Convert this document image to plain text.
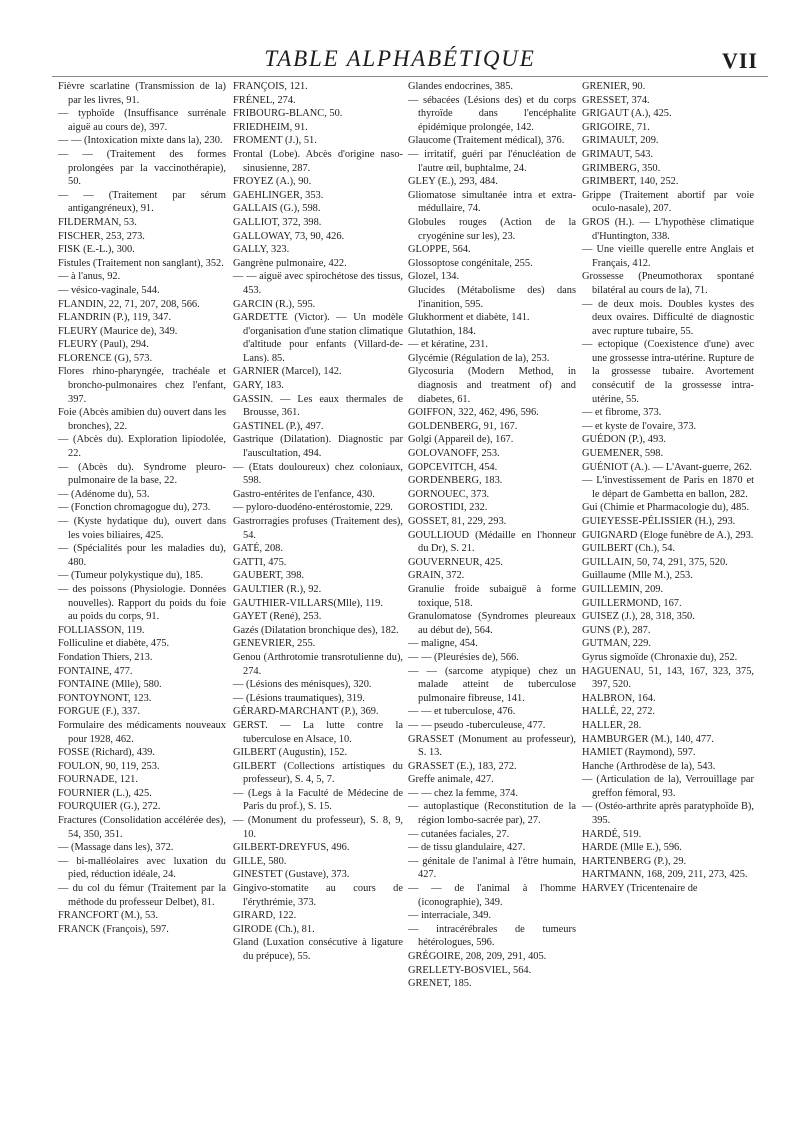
TABLE ALPHABÉTIQUE	VII

Fièvre scarlatine (Transmission de la) par les livres, 91.

— typhoïde (Insuffisance surrénale aiguë au cours de), 397.

— — (Intoxication mixte dans la), 230.

— — (Traitement des formes prolongées par la vaccinothérapie), 50.

— — (Traitement par sérum antigangréneux), 91.

FILDERMAN, 53.

FISCHER, 253, 273.

FISK (E.-L.), 300.

Fistules (Traitement non sanglant), 352.

— à l'anus, 92.

— vésico-vaginale, 544.

FLANDIN, 22, 71, 207, 208, 566.

FLANDRIN (P.), 119, 347.

FLEURY (Maurice de), 349.

FLEURY (Paul), 294.

FLORENCE (G), 573.

Flores rhino-pharyngée, trachéale et broncho-pulmonaires chez l'enfant, 397.

Foie (Abcès amibien du) ouvert dans les bronches), 22.

— (Abcès du). Exploration lipiodolée, 22.

— (Abcès du). Syndrome pleuro-pulmonaire de la base, 22.

— (Adénome du), 53.

— (Fonction chromagogue du), 273.

— (Kyste hydatique du), ouvert dans les voies biliaires, 425.

— (Spécialités pour les maladies du), 480.

— (Tumeur polykystique du), 185.

— des poissons (Physiologie. Données nouvelles). Rapport du poids du foie au poids du corps, 91.

FOLLIASSON, 119.

Folliculine et diabète, 475.

Fondation Thiers, 213.

FONTAINE, 477.

FONTAINE (Mlle), 580.

FONTOYNONT, 123.

FORGUE (F.), 337.

Formulaire des médicaments nouveaux pour 1928, 462.

FOSSE (Richard), 439.

FOULON, 90, 119, 253.

FOURNADE, 121.

FOURNIER (L.), 425.

FOURQUIER (G.), 272.

Fractures (Consolidation accélérée des), 54, 350, 351.

— (Massage dans les), 372.

— bi-malléolaires avec luxation du pied, réduction idéale, 24.

— du col du fémur (Traitement par la méthode du professeur Delbet), 81.

FRANCFORT (M.), 53.

FRANCK (François), 597.

FRANÇOIS, 121.

FRÉNEL, 274.

FRIBOURG-BLANC, 50.

FRIEDHEIM, 91.

FROMENT (J.), 51.

Frontal (Lobe). Abcès d'origine naso-sinusienne, 287.

FROYEZ (A.), 90.

GAEHLINGER, 353.

GALLAIS (G.), 598.

GALLIOT, 372, 398.

GALLOWAY, 73, 90, 426.

GALLY, 323.

Gangrène pulmonaire, 422.

— — aiguë avec spirochétose des tissus, 453.

GARCIN (R.), 595.

GARDETTE (Victor). — Un modèle d'organisation d'une station climatique d'altitude pour enfants (Villard-de-Lans). 85.

GARNIER (Marcel), 142.

GARY, 183.

GASSIN. — Les eaux thermales de Brousse, 361.

GASTINEL (P.), 497.

Gastrique (Dilatation). Diagnostic par l'auscultation, 494.

— (Etats douloureux) chez coloniaux, 598.

Gastro-entérites de l'enfance, 430.

— pyloro-duodéno-entérostomie, 229.

Gastrorragies profuses (Traitement des), 54.

GATÉ, 208.

GATTI, 475.

GAUBERT, 398.

GAULTIER (R.), 92.

GAUTHIER-VILLARS(Mlle), 119.

GAYET (René), 253.

Gazés (Dilatation bronchique des), 182.

GENEVRIER, 255.

Genou (Arthrotomie transrotulienne du), 274.

— (Lésions des ménisques), 320.

— (Lésions traumatiques), 319.

GÉRARD-MARCHANT (P.), 369.

GERST. — La lutte contre la tuberculose en Alsace, 10.

GILBERT (Augustin), 152.

GILBERT (Collections artistiques du professeur), S. 4, 5, 7.

— (Legs à la Faculté de Médecine de Paris du prof.), S. 15.

— (Monument du professeur), S. 8, 9, 10.

GILBERT-DREYFUS, 496.

GILLE, 580.

GINESTET (Gustave), 373.

Gingivo-stomatite au cours de l'érythrémie, 373.

GIRARD, 122.

GIRODE (Ch.), 81.

Gland (Luxation consécutive à ligature du prépuce), 55.

Glandes endocrines, 385.

— sébacées (Lésions des) et du corps thyroïde dans l'encéphalite épidémique prolongée, 142.

Glaucome (Traitement médical), 376.

— irritatif, guéri par l'énucléation de l'autre œil, buphtalme, 24.

GLEY (E.), 293, 484.

Gliomatose simultanée intra et extra-médullaire, 74.

Globules rouges (Action de la cryogénine sur les), 23.

GLOPPE, 564.

Glossoptose congénitale, 255.

Glozel, 134.

Glucides (Métabolisme des) dans l'inanition, 595.

Glukhorment et diabète, 141.

Glutathion, 184.

— et kératine, 231.

Glycémie (Régulation de la), 253.

Glycosuria (Modern Method, in diagnosis and treatment of) and diabetes, 61.

GOIFFON, 322, 462, 496, 596.

GOLDENBERG, 91, 167.

Golgi (Appareil de), 167.

GOLOVANOFF, 253.

GOPCEVITCH, 454.

GORDENBERG, 183.

GORNOUEC, 373.

GOROSTIDI, 232.

GOSSET, 81, 229, 293.

GOULLIOUD (Médaille en l'honneur du Dr), S. 21.

GOUVERNEUR, 425.

GRAIN, 372.

Granulie froide subaiguë à forme toxique, 518.

Granulomatose (Syndromes pleureaux au début de), 564.

— maligne, 454.

— — (Pleurésies de), 566.

— — (sarcome atypique) chez un malade atteint de tuberculose pulmonaire fibreuse, 141.

— — et tuberculose, 476.

— — pseudo -tuberculeuse, 477.

GRASSET (Monument au professeur), S. 13.

GRASSET (E.), 183, 272.

Greffe animale, 427.

— — chez la femme, 374.

— autoplastique (Reconstitution de la région lombo-sacrée par), 27.

— cutanées faciales, 27.

— de tissu glandulaire, 427.

— génitale de l'animal à l'être humain, 427.

— — de l'animal à l'homme (iconographie), 349.

— interraciale, 349.

— intracérébrales de tumeurs hétérologues, 596.

GRÉGOIRE, 208, 209, 291, 405.

GRELLETY-BOSVIEL, 564.

GRENET, 185.

GRENIER, 90.

GRESSET, 374.

GRIGAUT (A.), 425.

GRIGOIRE, 71.

GRIMAULT, 209.

GRIMAUT, 543.

GRIMBERG, 350.

GRIMBERT, 140, 252.

Grippe (Traitement abortif par voie oculo-nasale), 207.

GROS (H.). — L'hypothèse climatique d'Huntington, 338.

— Une vieille querelle entre Anglais et Français, 412.

Grossesse (Pneumothorax spontané bilatéral au cours de la), 71.

— de deux mois. Doubles kystes des deux ovaires. Difficulté de diagnostic avec rupture tubaire, 55.

— ectopique (Coexistence d'une) avec une grossesse intra-utérine. Rupture de la grossesse tubaire. Avortement consécutif de la grossesse intra-utérine, 55.

— et fibrome, 373.

— et kyste de l'ovaire, 373.

GUÉDON (P.), 493.

GUEMENER, 598.

GUÉNIOT (A.). — L'Avant-guerre, 262.

— L'investissement de Paris en 1870 et le départ de Gambetta en ballon, 282.

Gui (Chimie et Pharmacologie du), 485.

GUIEYESSE-PÉLISSIER (H.), 293.

GUIGNARD (Eloge funèbre de A.), 293.

GUILBERT (Ch.), 54.

GUILLAIN, 50, 74, 291, 375, 520.

Guillaume (Mlle M.), 253.

GUILLEMIN, 209.

GUILLERMOND, 167.

GUISEZ (J.), 28, 318, 350.

GUNS (P.), 287.

GUTMAN, 229.

Gyrus sigmoïde (Chronaxie du), 252.

HAGUENAU, 51, 143, 167, 323, 375, 397, 520.

HALBRON, 164.

HALLÉ, 22, 272.

HALLER, 28.

HAMBURGER (M.), 140, 477.

HAMIET (Raymond), 597.

Hanche (Arthrodèse de la), 543.

— (Articulation de la), Verrouillage par greffon fémoral, 93.

— (Ostéo-arthrite après paratyphoïde B), 395.

HARDÉ, 519.

HARDE (Mlle E.), 596.

HARTENBERG (P.), 29.

HARTMANN, 168, 209, 211, 273, 425.

HARVEY (Tricentenaire de
